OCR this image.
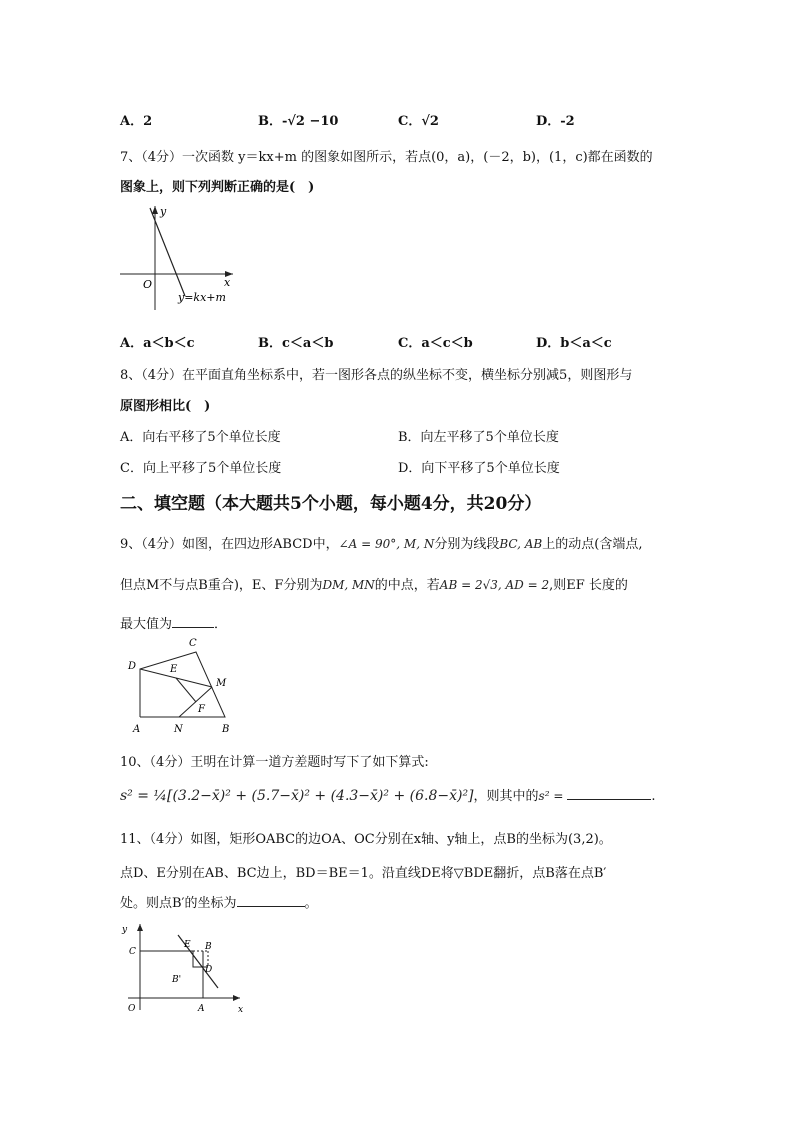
A．2	B．-√2 −10	C．√2	D．-2
7、（4分）一次函数 y＝kx+m 的图象如图所示，若点(0，a)，(－2，b)，(1，c)都在函数的
图象上，则下列判断正确的是(　)
y
x
O
y=kx+m
A．a＜b＜c	B．c＜a＜b	C．a＜c＜b	D．b＜a＜c
8、（4分）在平面直角坐标系中，若一图形各点的纵坐标不变，横坐标分别减5，则图形与
原图形相比(　)
A．向右平移了5个单位长度	B．向左平移了5个单位长度
C．向上平移了5个单位长度	D．向下平移了5个单位长度
二、填空题（本大题共5个小题，每小题4分，共20分）
9、（4分）如图，在四边形ABCD中，∠A = 90°, M, N分别为线段BC, AB上的动点(含端点,
但点M不与点B重合)，E、F分别为DM, MN的中点，若AB = 2√3, AD = 2,则EF 长度的
最大值为	．
C
D	E
M
F
A	N	B
10、（4分）王明在计算一道方差题时写下了如下算式:
s² = ¼[(3.2−x̄)² + (5.7−x̄)² + (4.3−x̄)² + (6.8−x̄)²]，则其中的s² =	.
11、（4分）如图，矩形OABC的边OA、OC分别在x轴、y轴上，点B的坐标为(3,2)。
点D、E分别在AB、BC边上，BD＝BE＝1。沿直线DE将▽BDE翻折，点B落在点B′
处。则点B′的坐标为	。
y
x
C
E B
B'
D
O	A
